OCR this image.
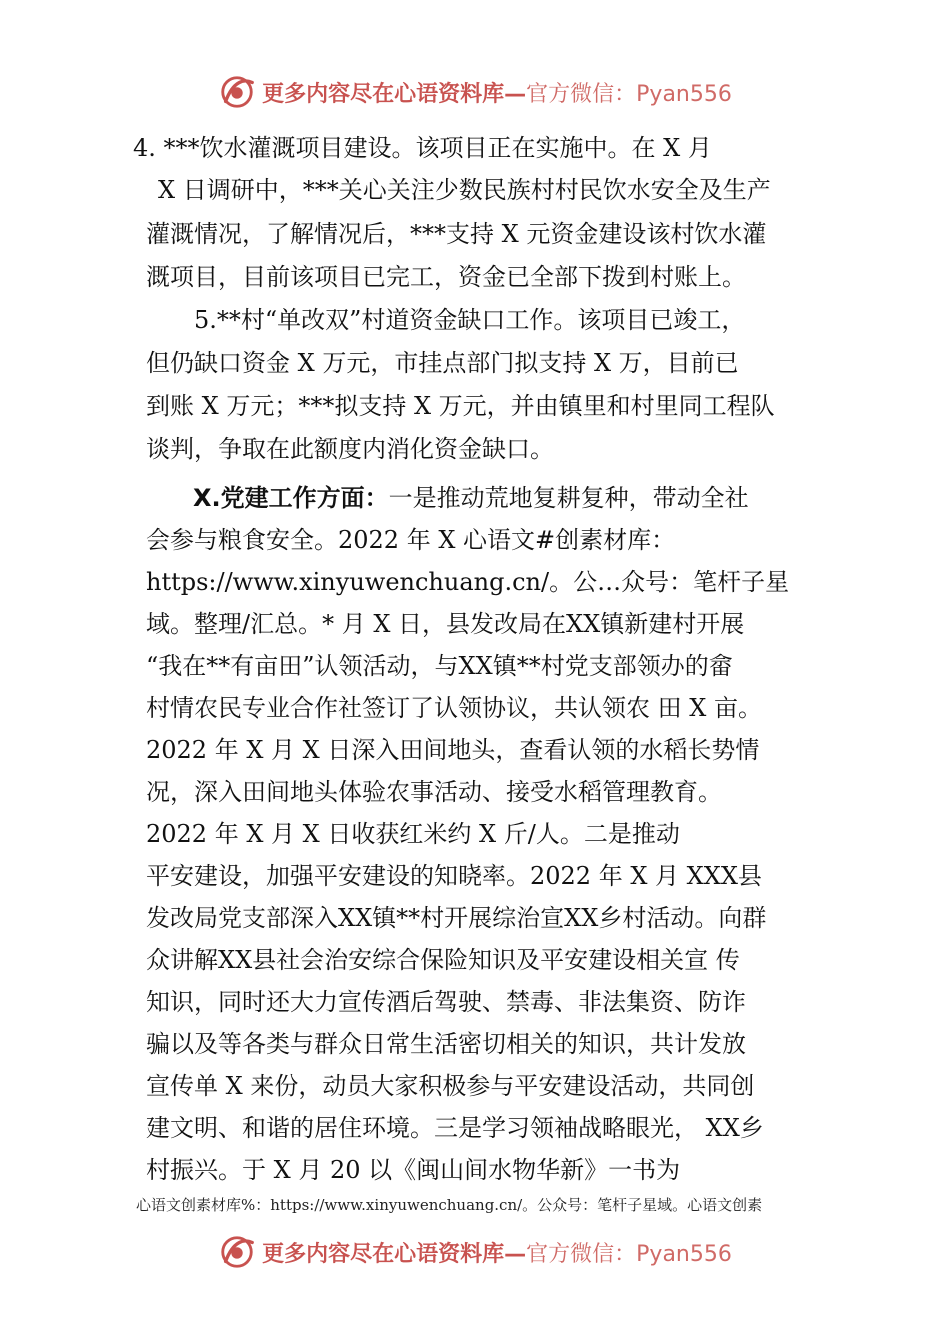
更多内容尽在心语资料库—官方微信：Pyan556
4. ***饮水灌溉项目建设。该项目正在实施中。在 X 月
X 日调研中，***关心关注少数民族村村民饮水安全及生产
灌溉情况，了解情况后，***支持 X 元资金建设该村饮水灌
溉项目，目前该项目已完工，资金已全部下拨到村账上。
5.**村“单改双”村道资金缺口工作。该项目已竣工，
但仍缺口资金 X 万元，市挂点部门拟支持 X 万，目前已
到账 X 万元；***拟支持 X 万元，并由镇里和村里同工程队
谈判，争取在此额度内消化资金缺口。
X.党建工作方面：一是推动荒地复耕复种，带动全社
会参与粮食安全。2022 年 X 心语文#创素材库：
https://www.xinyuwenchuang.cn/。公…众号：笔杆子星
域。整理/汇总。* 月 X 日，县发改局在XX镇新建村开展
“我在**有亩田”认领活动，与XX镇**村党支部领办的畲
村情农民专业合作社签订了认领协议，共认领农 田 X 亩。
2022 年 X 月 X 日深入田间地头，查看认领的水稻长势情
况，深入田间地头体验农事活动、接受水稻管理教育。
2022 年 X 月 X 日收获红米约 X 斤/人。二是推动
平安建设，加强平安建设的知晓率。2022 年 X 月 XXX县
发改局党支部深入XX镇**村开展综治宣XX乡村活动。向群
众讲解XX县社会治安综合保险知识及平安建设相关宣 传
知识，同时还大力宣传酒后驾驶、禁毒、非法集资、防诈
骗以及等各类与群众日常生活密切相关的知识，共计发放
宣传单 X 来份，动员大家积极参与平安建设活动，共同创
建文明、和谐的居住环境。三是学习领袖战略眼光， XX乡
村振兴。于 X 月 20 以《闽山间水物华新》一书为
心语文创素材库%：https://www.xinyuwenchuang.cn/。公众号：笔杆子星域。心语文创素
更多内容尽在心语资料库—官方微信：Pyan556
